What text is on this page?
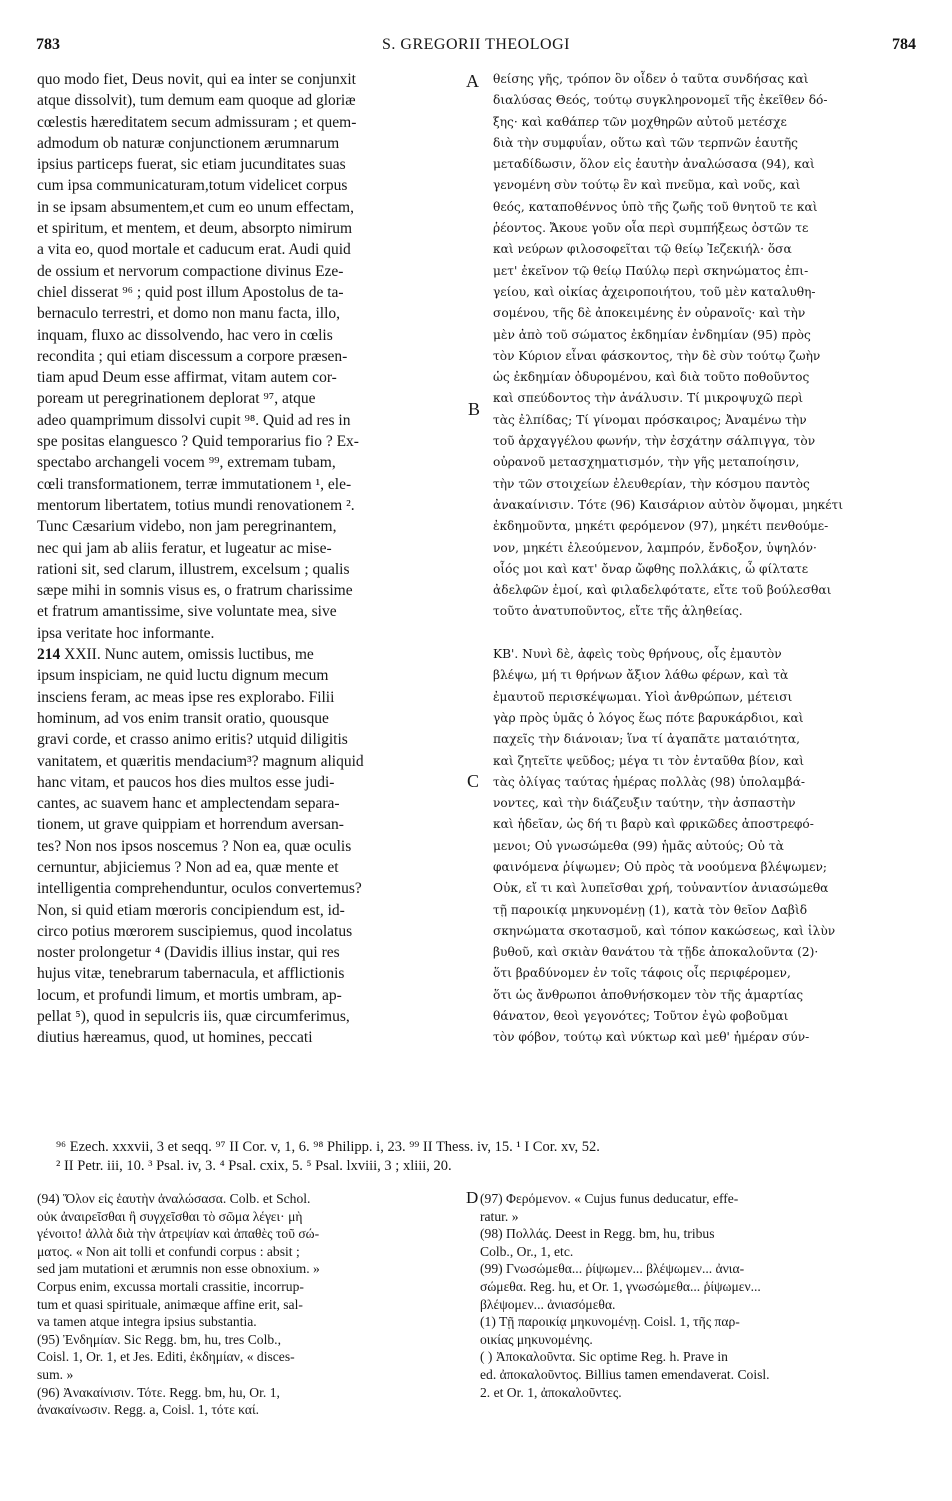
783	S. GREGORII THEOLOGI	784
quo modo fiet, Deus novit, qui ea inter se conjunxit
atque dissolvit), tum demum eam quoque ad gloriæ
cœlestis hæreditatem secum admissuram ; et quem-
admodum ob naturæ conjunctionem ærumnarum
ipsius particeps fuerat, sic etiam jucunditates suas
cum ipsa communicaturam,totum videlicet corpus
in se ipsam absumentem,et cum eo unum effectam,
et spiritum, et mentem, et deum, absorpto nimirum
a vita eo, quod mortale et caducum erat. Audi quid
de ossium et nervorum compactione divinus Eze-
chiel disserat ⁹⁶ ; quid post illum Apostolus de ta-
bernaculo terrestri, et domo non manu facta, illo,
inquam, fluxo ac dissolvendo, hac vero in cœlis
recondita ; qui etiam discessum a corpore præsen-
tiam apud Deum esse affirmat, vitam autem cor-
poream ut peregrinationem deplorat ⁹⁷, atque
adeo quamprimum dissolvi cupit ⁹⁸. Quid ad res in
spe positas elanguesco ? Quid temporarius fio ? Ex-
spectabo archangeli vocem ⁹⁹, extremam tubam,
cœli transformationem, terræ immutationem ¹, ele-
mentorum libertatem, totius mundi renovationem ².
Tunc Cæsarium videbo, non jam peregrinantem,
nec qui jam ab aliis feratur, et lugeatur ac mise-
rationi sit, sed clarum, illustrem, excelsum ; qualis
sæpe mihi in somnis visus es, o fratrum charissime
et fratrum amantissime, sive voluntate mea, sive
ipsa veritate hoc informante.
214 XXII. Nunc autem, omissis luctibus, me
ipsum inspiciam, ne quid luctu dignum mecum
insciens feram, ac meas ipse res explorabo. Filii
hominum, ad vos enim transit oratio, quousque
gravi corde, et crasso animo eritis? utquid diligitis
vanitatem, et quæritis mendacium³? magnum aliquid
hanc vitam, et paucos hos dies multos esse judi-
cantes, ac suavem hanc et amplectendam separa-
tionem, ut grave quippiam et horrendum aversan-
tes? Non nos ipsos noscemus ? Non ea, quæ oculis
cernuntur, abjiciemus ? Non ad ea, quæ mente et
intelligentia comprehenduntur, oculos convertemus?
Non, si quid etiam mœroris concipiendum est, id-
circo potius mœrorem suscipiemus, quod incolatus
noster prolongetur ⁴ (Davidis illius instar, qui res
hujus vitæ, tenebrarum tabernacula, et afflictionis
locum, et profundi limum, et mortis umbram, ap-
pellat ⁵), quod in sepulcris iis, quæ circumferimus,
diutius hæreamus, quod, ut homines, peccati
θείσης γῆς, τρόπον ὃν οἶδεν ὁ ταῦτα συνδήσας καὶ
διαλύσας Θεός, τούτῳ συγκληρονομεῖ τῆς ἐκεῖθεν δό-
ξης· καὶ καθάπερ τῶν μοχθηρῶν αὐτοῦ μετέσχε
διὰ τὴν συμφυΐαν, οὕτω καὶ τῶν τερπνῶν ἑαυτῆς
μεταδίδωσιν, ὅλον εἰς ἑαυτὴν ἀναλώσασα (94), καὶ
γενομένη σὺν τούτῳ ἓν καὶ πνεῦμα, καὶ νοῦς, καὶ
θεός, καταποθέννος ὑπὸ τῆς ζωῆς τοῦ θνητοῦ τε καὶ
ῥέοντος. Ἄκουε γοῦν οἷα περὶ συμπήξεως ὀστῶν τε
καὶ νεύρων φιλοσοφεῖται τῷ θείῳ Ἰεζεκιήλ· ὅσα
μετ' ἐκεῖνον τῷ θείῳ Παύλῳ περὶ σκηνώματος ἐπι-
γείου, καὶ οἰκίας ἀχειροποιήτου, τοῦ μὲν καταλυθη-
σομένου, τῆς δὲ ἀποκειμένης ἐν οὐρανοῖς· καὶ τὴν
μὲν ἀπὸ τοῦ σώματος ἐκδημίαν ἐνδημίαν (95) πρὸς
τὸν Κύριον εἶναι φάσκοντος, τὴν δὲ σὺν τούτῳ ζωὴν
ὡς ἐκδημίαν ὀδυρομένου, καὶ διὰ τοῦτο ποθοῦντος
καὶ σπεύδοντος τὴν ἀνάλυσιν. Τί μικροψυχῶ περὶ
τὰς ἐλπίδας; Τί γίνομαι πρόσκαιρος; Ἀναμένω τὴν
τοῦ ἀρχαγγέλου φωνήν, τὴν ἐσχάτην σάλπιγγα, τὸν
οὐρανοῦ μετασχηματισμόν, τὴν γῆς μεταποίησιν,
τὴν τῶν στοιχείων ἐλευθερίαν, τὴν κόσμου παντὸς
ἀνακαίνισιν. Τότε (96) Καισάριον αὐτὸν ὄψομαι, μηκέτι
ἐκδημοῦντα, μηκέτι φερόμενον (97), μηκέτι πενθούμε-
νον, μηκέτι ἐλεούμενον, λαμπρόν, ἔνδοξον, ὑψηλόν·
οἷός μοι καὶ κατ' ὄναρ ὤφθης πολλάκις, ὦ φίλτατε
ἀδελφῶν ἐμοί, καὶ φιλαδελφότατε, εἴτε τοῦ βούλεσθαι
τοῦτο ἀνατυποῦντος, εἴτε τῆς ἀληθείας.
ΚΒ'. Νυνὶ δὲ, ἀφεὶς τοὺς θρήνους, οἷς ἐμαυτὸν
βλέψω, μή τι θρήνων ἄξιον λάθω φέρων, καὶ τὰ
ἐμαυτοῦ περισκέψωμαι. Υἱοὶ ἀνθρώπων, μέτεισι
γὰρ πρὸς ὑμᾶς ὁ λόγος ἕως πότε βαρυκάρδιοι, καὶ
παχεῖς τὴν διάνοιαν; ἵνα τί ἀγαπᾶτε ματαιότητα,
καὶ ζητεῖτε ψεῦδος; μέγα τι τὸν ἐνταῦθα βίον, καὶ
τὰς ὀλίγας ταύτας ἡμέρας πολλὰς (98) ὑπολαμβά-
νοντες, καὶ τὴν διάζευξιν ταύτην, τὴν ἀσπαστὴν
καὶ ἡδεῖαν, ὡς δή τι βαρὺ καὶ φρικῶδες ἀποστρεφό-
μενοι; Οὐ γνωσώμεθα (99) ἡμᾶς αὐτούς; Οὐ τὰ
φαινόμενα ῥίψωμεν; Οὐ πρὸς τὰ νοούμενα βλέψωμεν;
Οὐκ, εἴ τι καὶ λυπεῖσθαι χρή, τοὐναντίον ἀνιασώμεθα
τῇ παροικίᾳ μηκυνομένῃ (1), κατὰ τὸν θεῖον Δαβὶδ
σκηνώματα σκοτασμοῦ, καὶ τόπον κακώσεως, καὶ ἰλὺν
βυθοῦ, καὶ σκιὰν θανάτου τὰ τῇδε ἀποκαλοῦντα (2)·
ὅτι βραδύνομεν ἐν τοῖς τάφοις οἷς περιφέρομεν,
ὅτι ὡς ἄνθρωποι ἀποθνήσκομεν τὸν τῆς ἁμαρτίας
θάνατον, θεοὶ γεγονότες; Τοῦτον ἐγὼ φοβοῦμαι
τὸν φόβον, τούτῳ καὶ νύκτωρ καὶ μεθ' ἡμέραν σύν-
A
B
C
⁹⁶ Ezech. xxxvii, 3 et seqq. ⁹⁷ II Cor. v, 1, 6. ⁹⁸ Philipp. i, 23. ⁹⁹ II Thess. iv, 15. ¹ I Cor. xv, 52.
² II Petr. iii, 10. ³ Psal. iv, 3. ⁴ Psal. cxix, 5. ⁵ Psal. lxviii, 3 ; xliii, 20.
D
(94) Ὅλον εἰς ἑαυτὴν ἀναλώσασα. Colb. et Schol.
οὐκ ἀναιρεῖσθαι ἢ συγχεῖσθαι τὸ σῶμα λέγει· μὴ
γένοιτο! ἀλλὰ διὰ τὴν ἀτρεψίαν καὶ ἀπαθὲς τοῦ σώ-
ματος. « Non ait tolli et confundi corpus : absit ;
sed jam mutationi et ærumnis non esse obnoxium. »
Corpus enim, excussa mortali crassitie, incorrup-
tum et quasi spirituale, animæque affine erit, sal-
va tamen atque integra ipsius substantia.
(95) Ἐνδημίαν. Sic Regg. bm, hu, tres Colb.,
Coisl. 1, Or. 1, et Jes. Editi, ἐκδημίαν, « disces-
sum. »
(96) Ἀνακαίνισιν. Τότε. Regg. bm, hu, Or. 1,
ἀνακαίνωσιν. Regg. a, Coisl. 1, τότε καί.
(97) Φερόμενον. « Cujus funus deducatur, effe-
ratur. »
(98) Πολλάς. Deest in Regg. bm, hu, tribus
Colb., Or., 1, etc.
(99) Γνωσώμεθα... ῥίψωμεν... βλέψωμεν... ἀνια-
σώμεθα. Reg. hu, et Or. 1, γνωσώμεθα... ῥίψωμεν...
βλέψομεν... ἀνιασόμεθα.
(1) Τῇ παροικίᾳ μηκυνομένῃ. Coisl. 1, τῆς παρ-
οικίας μηκυνομένης.
( ) Ἀποκαλοῦντα. Sic optime Reg. h. Prave in
ed. ἀποκαλοῦντος. Billius tamen emendaverat. Coisl.
2. et Or. 1, ἀποκαλοῦντες.
